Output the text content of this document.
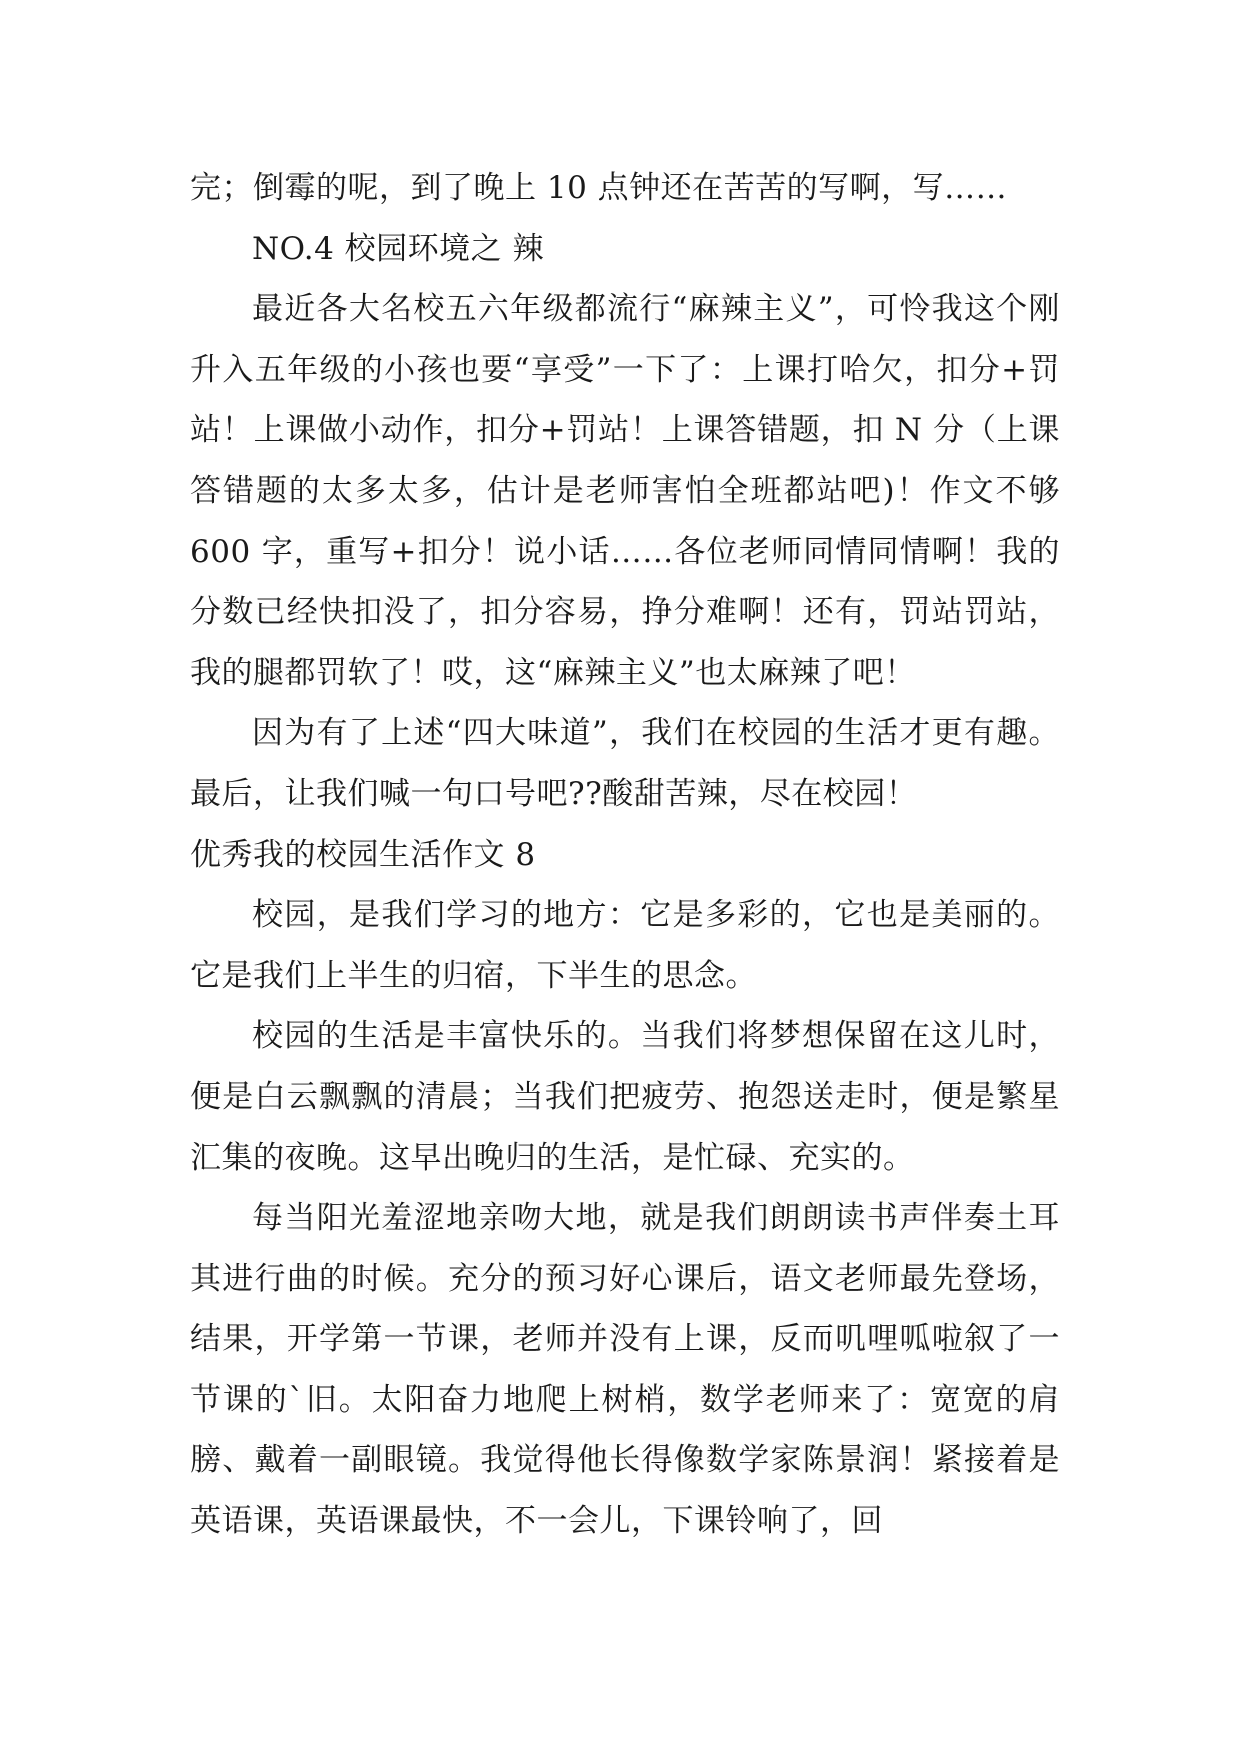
完；倒霉的呢，到了晚上 10 点钟还在苦苦的写啊，写……

NO.4 校园环境之 辣

最近各大名校五六年级都流行“麻辣主义”，可怜我这个刚升入五年级的小孩也要“享受”一下了：上课打哈欠，扣分+罚站！上课做小动作，扣分+罚站！上课答错题，扣 N 分（上课答错题的太多太多，估计是老师害怕全班都站吧)！作文不够 600 字，重写+扣分！说小话……各位老师同情同情啊！我的分数已经快扣没了，扣分容易，挣分难啊！还有，罚站罚站，我的腿都罚软了！哎，这“麻辣主义”也太麻辣了吧！

因为有了上述“四大味道”，我们在校园的生活才更有趣。最后，让我们喊一句口号吧??酸甜苦辣，尽在校园！

优秀我的校园生活作文 8

校园，是我们学习的地方：它是多彩的，它也是美丽的。它是我们上半生的归宿，下半生的思念。

校园的生活是丰富快乐的。当我们将梦想保留在这儿时，便是白云飘飘的清晨；当我们把疲劳、抱怨送走时，便是繁星汇集的夜晚。这早出晚归的生活，是忙碌、充实的。

每当阳光羞涩地亲吻大地，就是我们朗朗读书声伴奏土耳其进行曲的时候。充分的预习好心课后，语文老师最先登场，结果，开学第一节课，老师并没有上课，反而叽哩呱啦叙了一节课的`旧。太阳奋力地爬上树梢，数学老师来了：宽宽的肩膀、戴着一副眼镜。我觉得他长得像数学家陈景润！紧接着是英语课，英语课最快，不一会儿，下课铃响了，回
